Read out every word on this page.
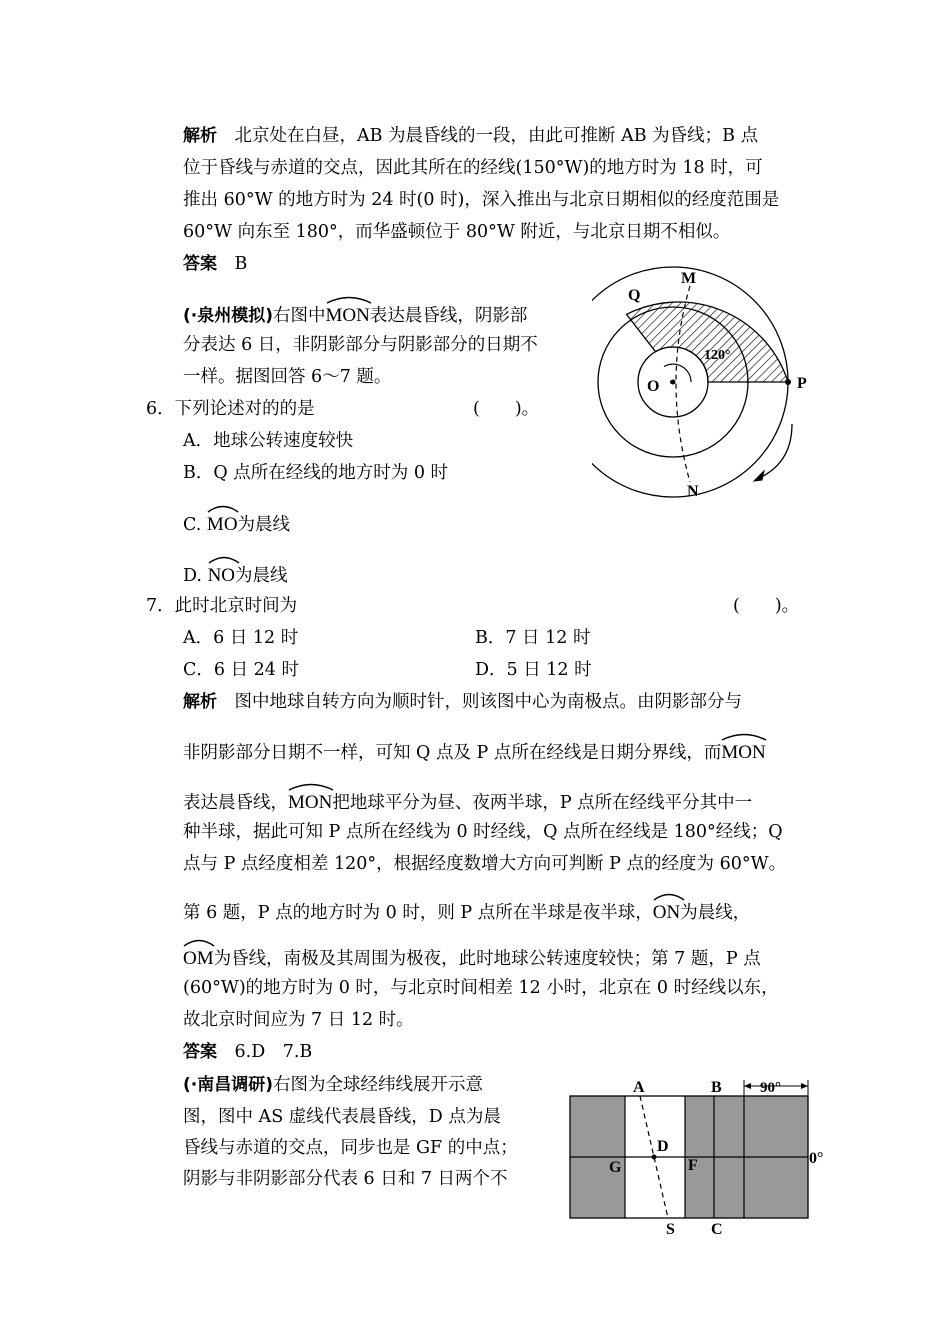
解析　 北京处在白昼，AB 为晨昏线的一段，由此可推断 AB 为昏线；B 点
位于昏线与赤道的交点，因此其所在的经线(150°W)的地方时为 18 时，可
推出 60°W 的地方时为 24 时(0 时)，深入推出与北京日期相似的经度范围是
60°W 向东至 180°，而华盛顿位于 80°W 附近，与北京日期不相似。
答案　 B
(·泉州模拟)右图中
MON表达晨昏线，阴影部
分表达 6 日，非阴影部分与阴影部分的日期不
一样。据图回答 6～7 题。
6．下列论述对的的是	(　　)。
A．地球公转速度较快
B．Q 点所在经线的地方时为 0 时
C. MO为晨线
D. NO为晨线
7．此时北京时间为	(　　)。
A．6 日 12 时	B．7 日 12 时
C．6 日 24 时	D．5 日 12 时
解析　 图中地球自转方向为顺时针，则该图中心为南极点。由阴影部分与
非阴影部分日期不一样，可知 Q 点及 P 点所在经线是日期分界线，而
MON
表达晨昏线，
MON把地球平分为昼、夜两半球，P 点所在经线平分其中一
种半球，据此可知 P 点所在经线为 0 时经线，Q 点所在经线是 180°经线；Q
点与 P 点经度相差 120°，根据经度数增大方向可判断 P 点的经度为 60°W。
第 6 题，P 点的地方时为 0 时，则 P 点所在半球是夜半球，
ON为晨线，
OM为昏线，南极及其周围为极夜，此时地球公转速度较快；第 7 题，P 点
(60°W)的地方时为 0 时，与北京时间相差 12 小时，北京在 0 时经线以东，
故北京时间应为 7 日 12 时。
答案　 6.D　7.B
(·南昌调研)右图为全球经纬线展开示意
图，图中 AS 虚线代表晨昏线，D 点为晨
昏线与赤道的交点，同步也是 GF 的中点；
阴影与非阴影部分代表 6 日和 7 日两个不
M
Q
O	P
N
120°
A	B	90°
D
G	F	0°
S C
